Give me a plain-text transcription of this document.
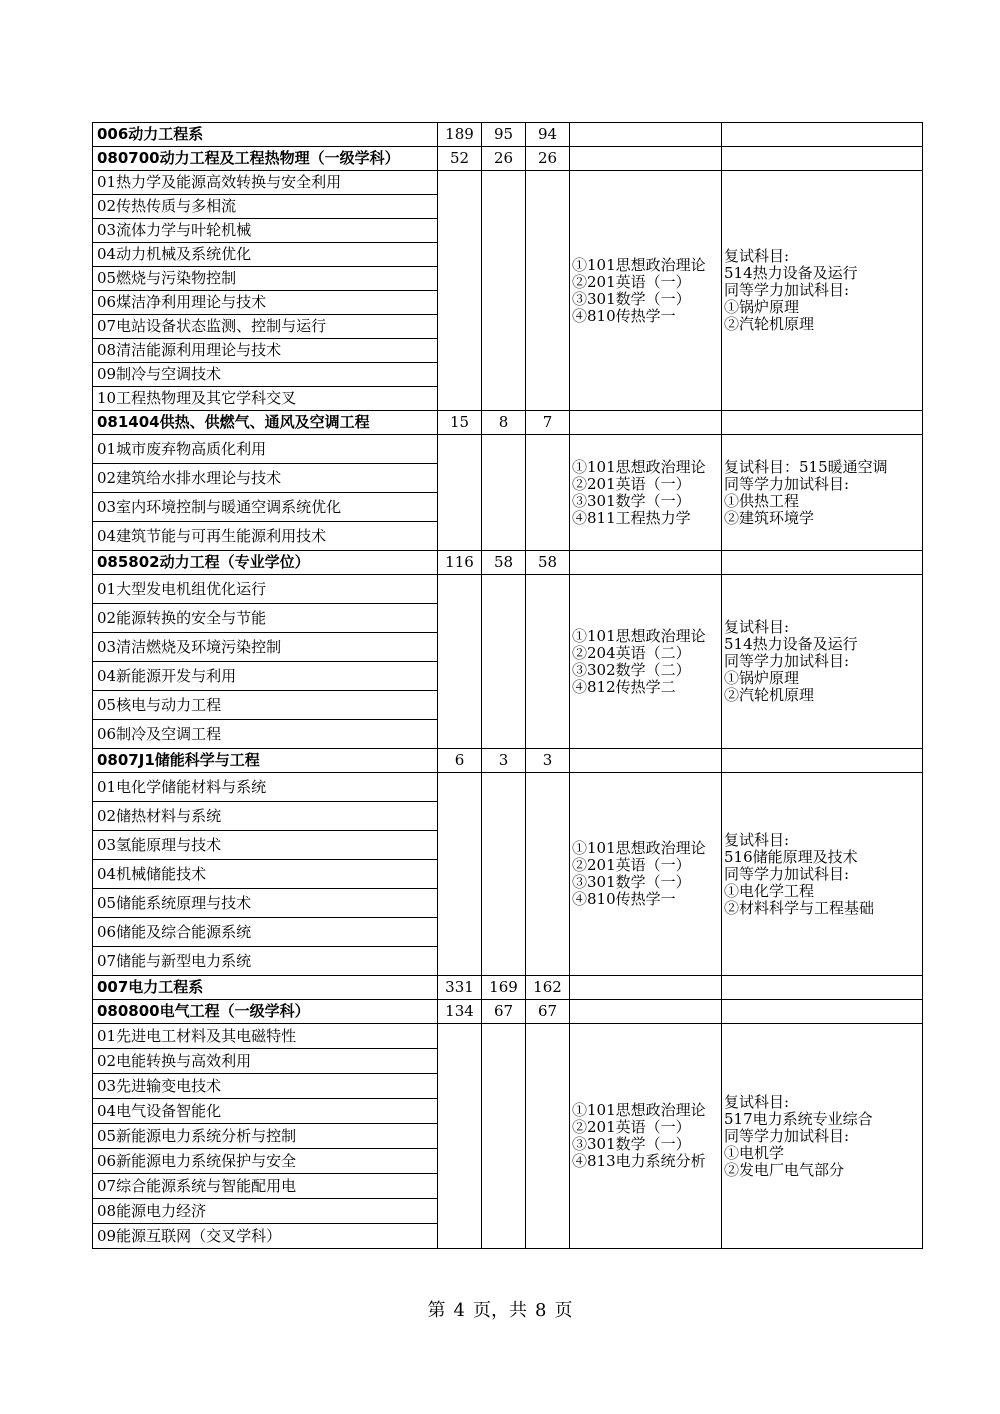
006动力工程系	189	95	94		
080700动力工程及工程热物理（一级学科）	52	26	26		
01热力学及能源高效转换与安全利用				①101思想政治理论
②201英语（一）
③301数学（一）
④810传热学一	复试科目:
514热力设备及运行
同等学力加试科目:
①锅炉原理
②汽轮机原理

02传热传质与多相流					
03流体力学与叶轮机械					
04动力机械及系统优化					
05燃烧与污染物控制					
06煤洁净利用理论与技术					
07电站设备状态监测、控制与运行					
08清洁能源利用理论与技术					
09制冷与空调技术					
10工程热物理及其它学科交叉					
081404供热、供燃气、通风及空调工程	15	8	7		
01城市废弃物高质化利用				①101思想政治理论
②201英语（一）
③301数学（一）
④811工程热力学	复试科目：515暖通空调
同等学力加试科目:
①供热工程
②建筑环境学

02建筑给水排水理论与技术					
03室内环境控制与暖通空调系统优化					
04建筑节能与可再生能源利用技术					
085802动力工程（专业学位）	116	58	58		
01大型发电机组优化运行				①101思想政治理论
②204英语（二）
③302数学（二）
④812传热学二	复试科目:
514热力设备及运行
同等学力加试科目:
①锅炉原理
②汽轮机原理

02能源转换的安全与节能					
03清洁燃烧及环境污染控制					
04新能源开发与利用					
05核电与动力工程					
06制冷及空调工程					
0807J1储能科学与工程	6	3	3		
01电化学储能材料与系统				①101思想政治理论
②201英语（一）
③301数学（一）
④810传热学一	复试科目:
516储能原理及技术
同等学力加试科目:
①电化学工程
②材料科学与工程基础

02储热材料与系统					
03氢能原理与技术					
04机械储能技术					
05储能系统原理与技术					
06储能及综合能源系统					
07储能与新型电力系统					
007电力工程系	331	169	162		
080800电气工程（一级学科）	134	67	67		
01先进电工材料及其电磁特性				①101思想政治理论
②201英语（一）
③301数学（一）
④813电力系统分析	复试科目:
517电力系统专业综合
同等学力加试科目:
①电机学
②发电厂电气部分

02电能转换与高效利用					
03先进输变电技术					
04电气设备智能化					
05新能源电力系统分析与控制					
06新能源电力系统保护与安全					
07综合能源系统与智能配用电					
08能源电力经济					
09能源互联网（交叉学科）					
第 4 页，共 8 页
